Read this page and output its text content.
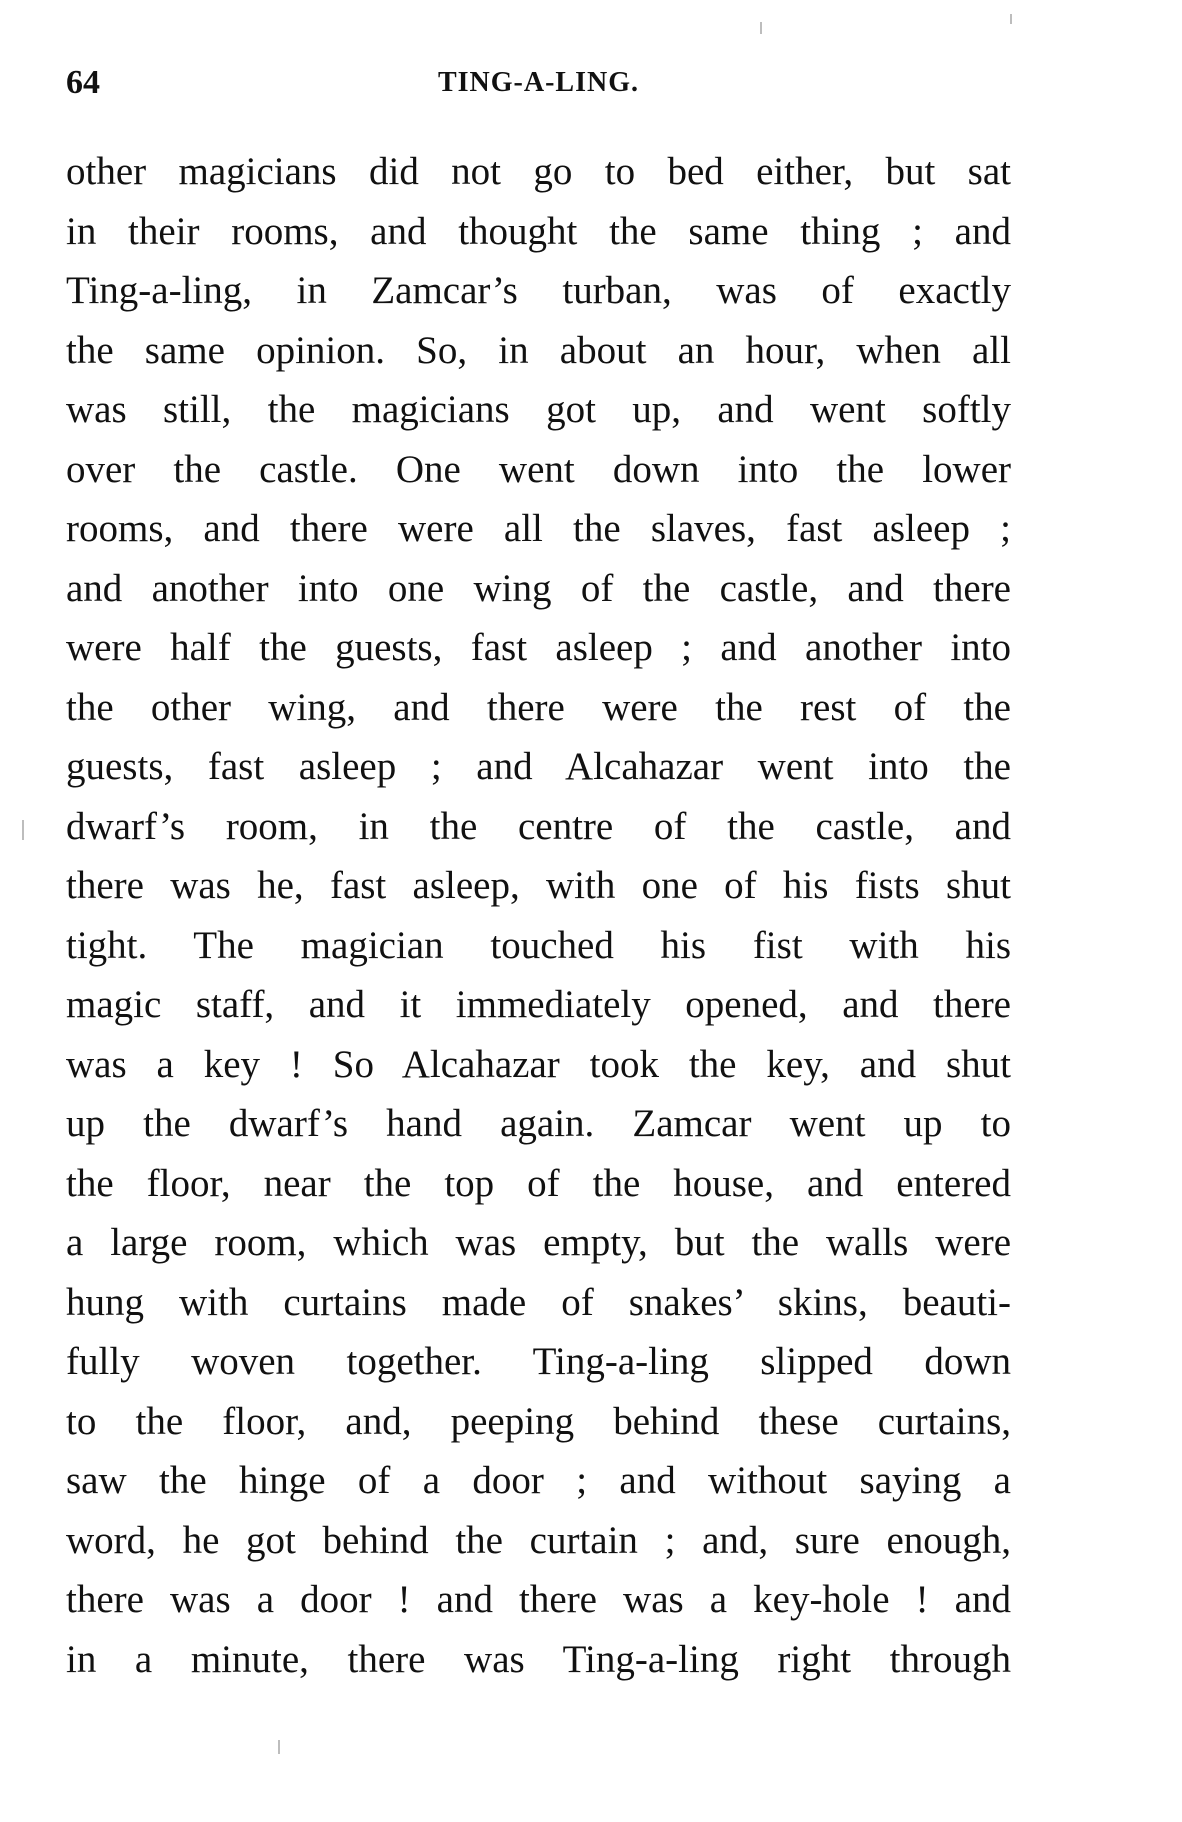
64	TING-A-LING.
other magicians did not go to bed either, but sat
in their rooms, and thought the same thing ; and
Ting-a-ling, in Zamcar’s turban, was of exactly
the same opinion. So, in about an hour, when all
was still, the magicians got up, and went softly
over the castle. One went down into the lower
rooms, and there were all the slaves, fast asleep ;
and another into one wing of the castle, and there
were half the guests, fast asleep ; and another into
the other wing, and there were the rest of the
guests, fast asleep ; and Alcahazar went into the
dwarf’s room, in the centre of the castle, and
there was he, fast asleep, with one of his fists shut
tight. The magician touched his fist with his
magic staff, and it immediately opened, and there
was a key ! So Alcahazar took the key, and shut
up the dwarf’s hand again. Zamcar went up to
the floor, near the top of the house, and entered
a large room, which was empty, but the walls were
hung with curtains made of snakes’ skins, beauti-
fully woven together. Ting-a-ling slipped down
to the floor, and, peeping behind these curtains,
saw the hinge of a door ; and without saying a
word, he got behind the curtain ; and, sure enough,
there was a door ! and there was a key-hole ! and
in a minute, there was Ting-a-ling right through
